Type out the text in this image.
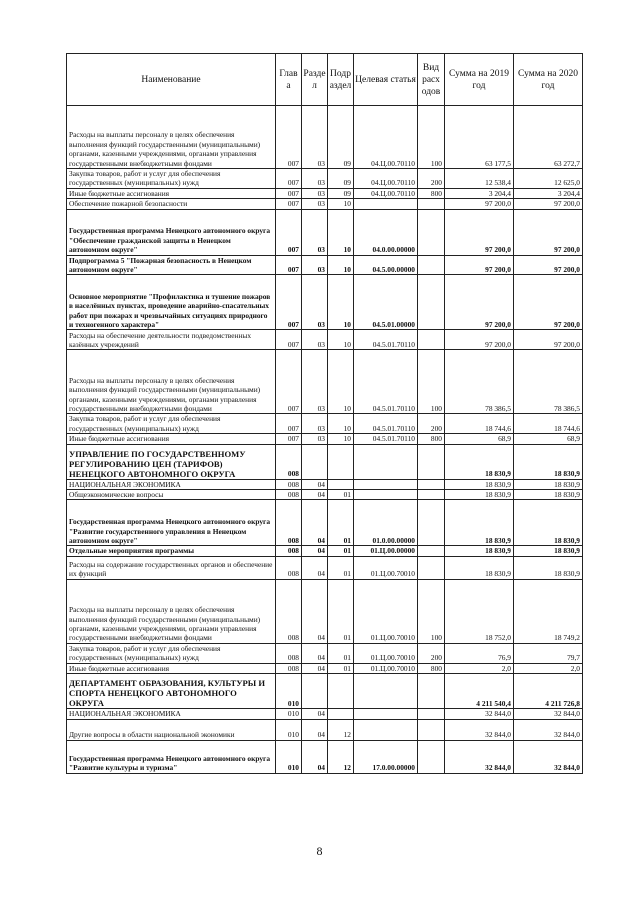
Наименование	Глав а	Разде л	Подр аздел	Целевая статья	Вид расх одов	Сумма на 2019 год	Сумма на 2020 год
Расходы на выплаты персоналу в целях обеспечения выполнения функций государственными (муниципальными) органами, казенными учреждениями, органами управления государственными внебюджетными фондами	007	03	09	04.Ц.00.70110	100	63 177,5	63 272,7
Закупка товаров, работ и услуг для обеспечения государственных (муниципальных) нужд	007	03	09	04.Ц.00.70110	200	12 538,4	12 625,0
Иные бюджетные ассигнования	007	03	09	04.Ц.00.70110	800	3 204,4	3 204,4
Обеспечение пожарной безопасности	007	03	10			97 200,0	97 200,0
Государственная программа Ненецкого автономного округа "Обеспечение гражданской защиты в Ненецком автономном округе"	007	03	10	04.0.00.00000		97 200,0	97 200,0
Подпрограмма 5 "Пожарная безопасность в Ненецком автономном округе"	007	03	10	04.5.00.00000		97 200,0	97 200,0
Основное мероприятие "Профилактика и тушение пожаров в населённых пунктах, проведение аварийно-спасательных работ при пожарах и чрезвычайных ситуациях природного и техногенного характера"	007	03	10	04.5.01.00000		97 200,0	97 200,0
Расходы на обеспечение деятельности подведомственных казённых учреждений	007	03	10	04.5.01.70110		97 200,0	97 200,0
Расходы на выплаты персоналу в целях обеспечения выполнения функций государственными (муниципальными) органами, казенными учреждениями, органами управления государственными внебюджетными фондами	007	03	10	04.5.01.70110	100	78 386,5	78 386,5
Закупка товаров, работ и услуг для обеспечения государственных (муниципальных) нужд	007	03	10	04.5.01.70110	200	18 744,6	18 744,6
Иные бюджетные ассигнования	007	03	10	04.5.01.70110	800	68,9	68,9
УПРАВЛЕНИЕ ПО ГОСУДАРСТВЕННОМУ РЕГУЛИРОВАНИЮ ЦЕН (ТАРИФОВ) НЕНЕЦКОГО АВТОНОМНОГО ОКРУГА	008					18 830,9	18 830,9
НАЦИОНАЛЬНАЯ ЭКОНОМИКА	008	04				18 830,9	18 830,9
Общеэкономические вопросы	008	04	01			18 830,9	18 830,9
Государственная программа Ненецкого автономного округа "Развитие государственного управления в Ненецком автономном округе"	008	04	01	01.0.00.00000		18 830,9	18 830,9
Отдельные мероприятия программы	008	04	01	01.Ц.00.00000		18 830,9	18 830,9
Расходы на содержание государственных органов и обеспечение их функций	008	04	01	01.Ц.00.70010		18 830,9	18 830,9
Расходы на выплаты персоналу в целях обеспечения выполнения функций государственными (муниципальными) органами, казенными учреждениями, органами управления государственными внебюджетными фондами	008	04	01	01.Ц.00.70010	100	18 752,0	18 749,2
Закупка товаров, работ и услуг для обеспечения государственных (муниципальных) нужд	008	04	01	01.Ц.00.70010	200	76,9	79,7
Иные бюджетные ассигнования	008	04	01	01.Ц.00.70010	800	2,0	2,0
ДЕПАРТАМЕНТ ОБРАЗОВАНИЯ, КУЛЬТУРЫ И СПОРТА НЕНЕЦКОГО АВТОНОМНОГО ОКРУГА	010					4 211 540,4	4 211 726,8
НАЦИОНАЛЬНАЯ ЭКОНОМИКА	010	04				32 844,0	32 844,0
Другие вопросы в области национальной экономики	010	04	12			32 844,0	32 844,0
Государственная программа Ненецкого автономного округа "Развитие культуры и туризма"	010	04	12	17.0.00.00000		32 844,0	32 844,0
8
